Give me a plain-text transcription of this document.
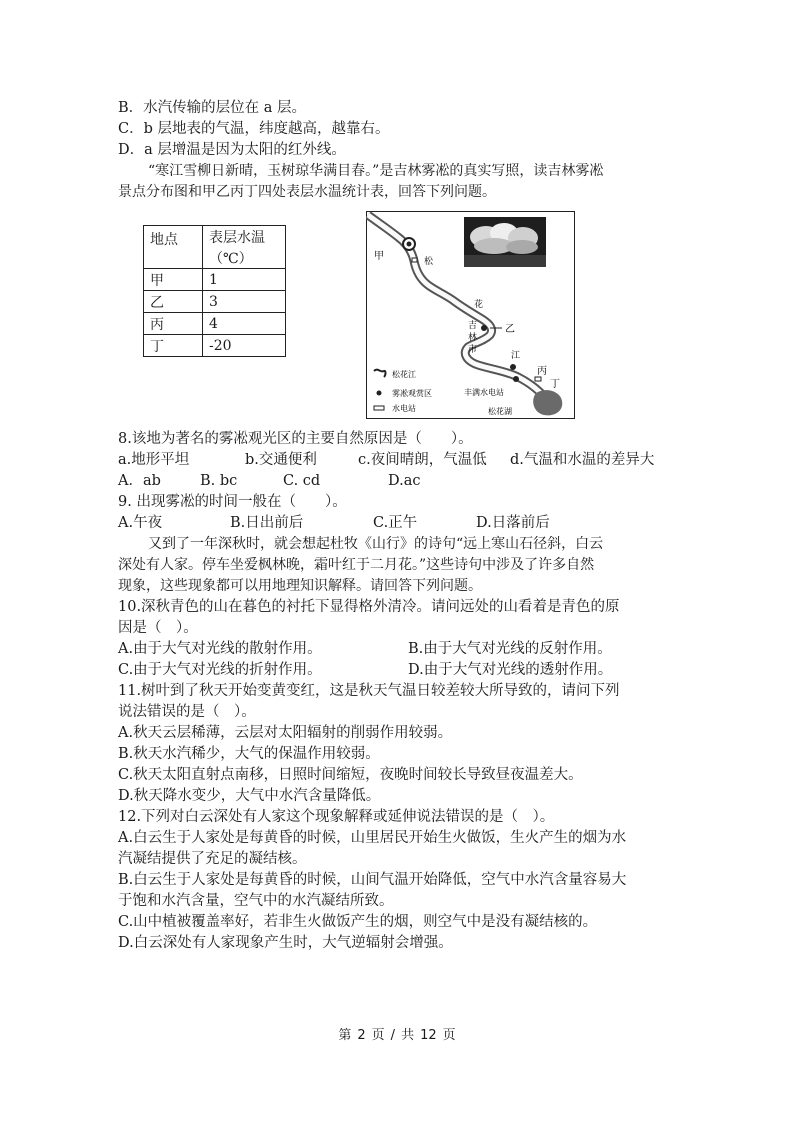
B．水汽传输的层位在 a 层。
C．b 层地表的气温，纬度越高，越靠右。
D．a 层增温是因为太阳的红外线。
“寒江雪柳日新晴，玉树琼华满目春。”是吉林雾凇的真实写照，读吉林雾凇
景点分布图和甲乙丙丁四处表层水温统计表，回答下列问题。
地点	表层水温
	（℃）
甲	1
乙	3
丙	4
丁	-20
甲	松
花
江
吉
林
市
乙
丙
丁
丰满水电站
松花湖
松花江
雾凇观赏区
水电站
8.该地为著名的雾凇观光区的主要自然原因是（　　）。
a.地形平坦	b.交通便利	c.夜间晴朗，气温低 d.气温和水温的差异大
A．ab	B. bc	C. cd	D.ac
9. 出现雾凇的时间一般在（　　）。
A.午夜	B.日出前后	C.正午	D.日落前后
又到了一年深秋时，就会想起杜牧《山行》的诗句“远上寒山石径斜，白云
深处有人家。停车坐爱枫林晚，霜叶红于二月花。”这些诗句中涉及了许多自然
现象，这些现象都可以用地理知识解释。请回答下列问题。
10.深秋青色的山在暮色的衬托下显得格外清冷。请问远处的山看着是青色的原
因是（　）。
A.由于大气对光线的散射作用。	B.由于大气对光线的反射作用。
C.由于大气对光线的折射作用。	D.由于大气对光线的透射作用。
11.树叶到了秋天开始变黄变红，这是秋天气温日较差较大所导致的，请问下列
说法错误的是（　）。
A.秋天云层稀薄，云层对太阳辐射的削弱作用较弱。
B.秋天水汽稀少，大气的保温作用较弱。
C.秋天太阳直射点南移，日照时间缩短，夜晚时间较长导致昼夜温差大。
D.秋天降水变少，大气中水汽含量降低。
12.下列对白云深处有人家这个现象解释或延伸说法错误的是（　）。
A.白云生于人家处是每黄昏的时候，山里居民开始生火做饭，生火产生的烟为水
汽凝结提供了充足的凝结核。
B.白云生于人家处是每黄昏的时候，山间气温开始降低，空气中水汽含量容易大
于饱和水汽含量，空气中的水汽凝结所致。
C.山中植被覆盖率好，若非生火做饭产生的烟，则空气中是没有凝结核的。
D.白云深处有人家现象产生时，大气逆辐射会增强。
第 2 页 / 共 12 页
